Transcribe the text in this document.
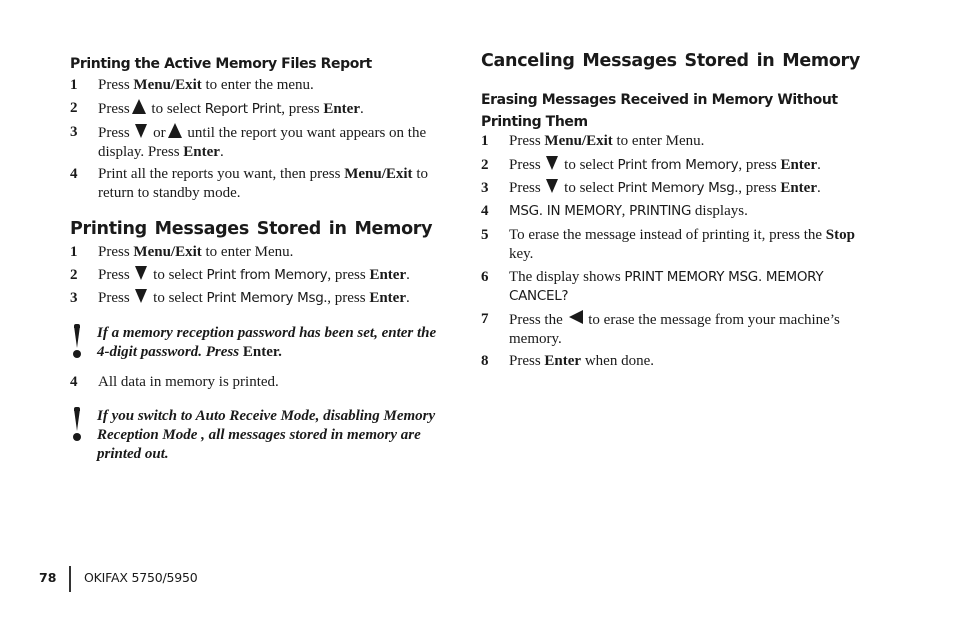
Printing the Active Memory Files Report
1	Press Menu/Exit to enter the menu.
2	Press to select Report Print, press Enter.
3	Press  or until the report you want appears on the display. Press Enter.
4	Print all the reports you want, then press Menu/Exit to return to standby mode.
Printing Messages Stored in Memory
1	Press Menu/Exit to enter Menu.
2	Press  to select Print from Memory, press Enter.
3	Press  to select Print Memory Msg., press Enter.
If a memory reception password has been set, enter the 4-digit password. Press Enter.
4	All data in memory is printed.
If you switch to Auto Receive Mode, disabling Memory Reception Mode , all messages stored in memory are printed out.
Canceling Messages Stored in Memory
Erasing Messages Received in Memory Without Printing Them
1	Press Menu/Exit to enter Menu.
2	Press  to select Print from Memory, press Enter.
3	Press  to select Print Memory Msg., press Enter.
4	MSG. IN MEMORY, PRINTING displays.
5	To erase the message instead of printing it, press the Stop key.
6	The display shows PRINT MEMORY MSG. MEMORY CANCEL?
7	Press the  to erase the message from your machine’s memory.
8	Press Enter when done.
78 OKIFAX 5750/5950
